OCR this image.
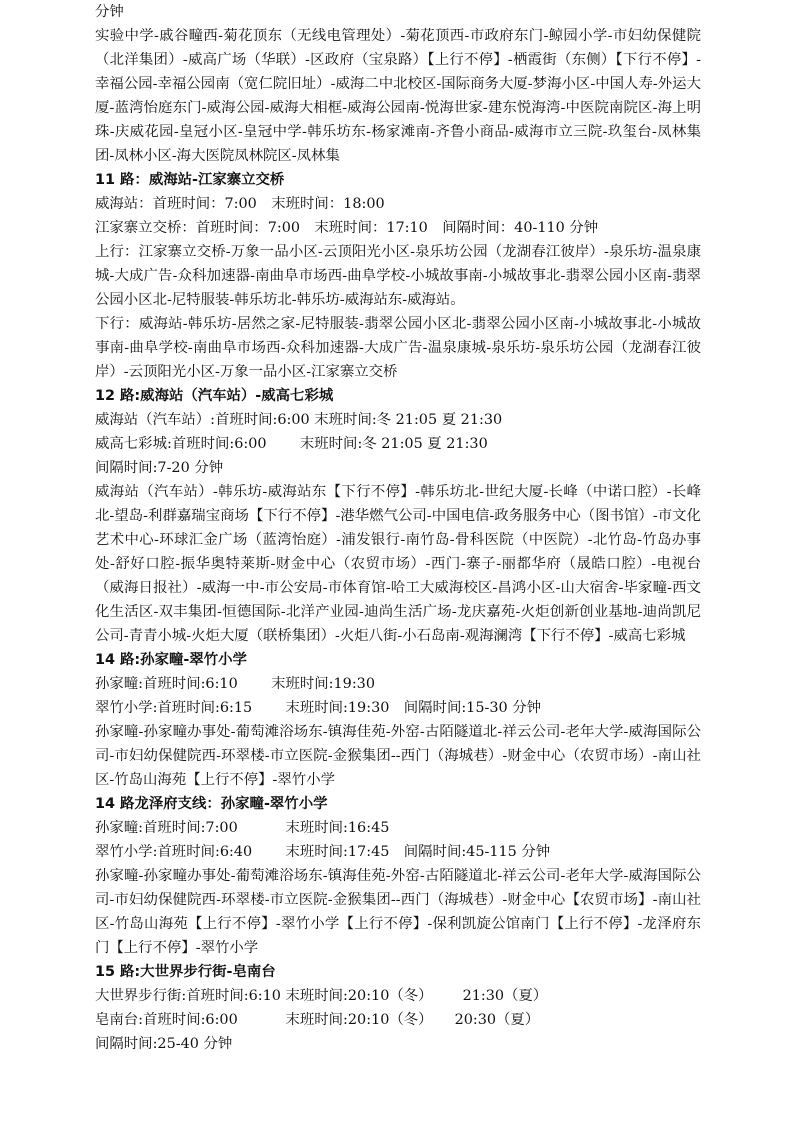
分钟

实验中学-戚谷疃西-菊花顶东（无线电管理处）-菊花顶西-市政府东门-鲸园小学-市妇幼保健院（北洋集团）-威高广场（华联）-区政府（宝泉路）【上行不停】-栖霞街（东侧）【下行不停】-幸福公园-幸福公园南（宽仁院旧址）-威海二中北校区-国际商务大厦-梦海小区-中国人寿-外运大厦-蓝湾怡庭东门-威海公园-威海大相框-威海公园南-悦海世家-建东悦海湾-中医院南院区-海上明珠-庆威花园-皇冠小区-皇冠中学-韩乐坊东-杨家滩南-齐鲁小商品-威海市立三院-玖玺台-凤林集团-凤林小区-海大医院凤林院区-凤林集

11 路：威海站-江家寨立交桥

威海站：首班时间：7:00　末班时间：18:00

江家寨立交桥：首班时间：7:00　末班时间：17:10　间隔时间：40-110 分钟

上行：江家寨立交桥-万象一品小区-云顶阳光小区-泉乐坊公园（龙湖春江彼岸）-泉乐坊-温泉康城-大成广告-众科加速器-南曲阜市场西-曲阜学校-小城故事南-小城故事北-翡翠公园小区南-翡翠公园小区北-尼特服装-韩乐坊北-韩乐坊-威海站东-威海站。

下行：威海站-韩乐坊-居然之家-尼特服装-翡翠公园小区北-翡翠公园小区南-小城故事北-小城故事南-曲阜学校-南曲阜市场西-众科加速器-大成广告-温泉康城-泉乐坊-泉乐坊公园（龙湖春江彼岸）-云顶阳光小区-万象一品小区-江家寨立交桥

12 路:威海站（汽车站）-威高七彩城

威海站（汽车站）:首班时间:6:00 末班时间:冬 21:05 夏 21:30

威高七彩城:首班时间:6:00　　 末班时间:冬 21:05 夏 21:30

间隔时间:7-20 分钟

威海站（汽车站）-韩乐坊-威海站东【下行不停】-韩乐坊北-世纪大厦-长峰（中诺口腔）-长峰北-望岛-利群嘉瑞宝商场【下行不停】-港华燃气公司-中国电信-政务服务中心（图书馆）-市文化艺术中心-环球汇金广场（蓝湾怡庭）-浦发银行-南竹岛-骨科医院（中医院）-北竹岛-竹岛办事处-舒好口腔-振华奥特莱斯-财金中心（农贸市场）-西门-寨子-丽都华府（晟皓口腔）-电视台（威海日报社）-威海一中-市公安局-市体育馆-哈工大威海校区-昌鸿小区-山大宿舍-毕家疃-西文化生活区-双丰集团-恒德国际-北洋产业园-迪尚生活广场-龙庆嘉苑-火炬创新创业基地-迪尚凯尼公司-青青小城-火炬大厦（联桥集团）-火炬八街-小石岛南-观海澜湾【下行不停】-威高七彩城

14 路:孙家疃-翠竹小学

孙家疃:首班时间:6:10　　 末班时间:19:30

翠竹小学:首班时间:6:15　　 末班时间:19:30　间隔时间:15-30 分钟

孙家疃-孙家疃办事处-葡萄滩浴场东-镇海佳苑-外窑-古陌隧道北-祥云公司-老年大学-威海国际公司-市妇幼保健院西-环翠楼-市立医院-金猴集团--西门（海城巷）-财金中心（农贸市场）-南山社区-竹岛山海苑【上行不停】-翠竹小学

14 路龙泽府支线：孙家疃-翠竹小学

孙家疃:首班时间:7:00　　　 末班时间:16:45

翠竹小学:首班时间:6:40　　 末班时间:17:45　间隔时间:45-115 分钟

孙家疃-孙家疃办事处-葡萄滩浴场东-镇海佳苑-外窑-古陌隧道北-祥云公司-老年大学-威海国际公司-市妇幼保健院西-环翠楼-市立医院-金猴集团--西门（海城巷）-财金中心【农贸市场】-南山社区-竹岛山海苑【上行不停】-翠竹小学【上行不停】-保利凯旋公馆南门【上行不停】-龙泽府东门【上行不停】-翠竹小学

15 路:大世界步行街-皂南台

大世界步行街:首班时间:6:10 末班时间:20:10（冬） 21:30（夏）

皂南台:首班时间:6:00　　　 末班时间:20:10（冬） 20:30（夏）

间隔时间:25-40 分钟
